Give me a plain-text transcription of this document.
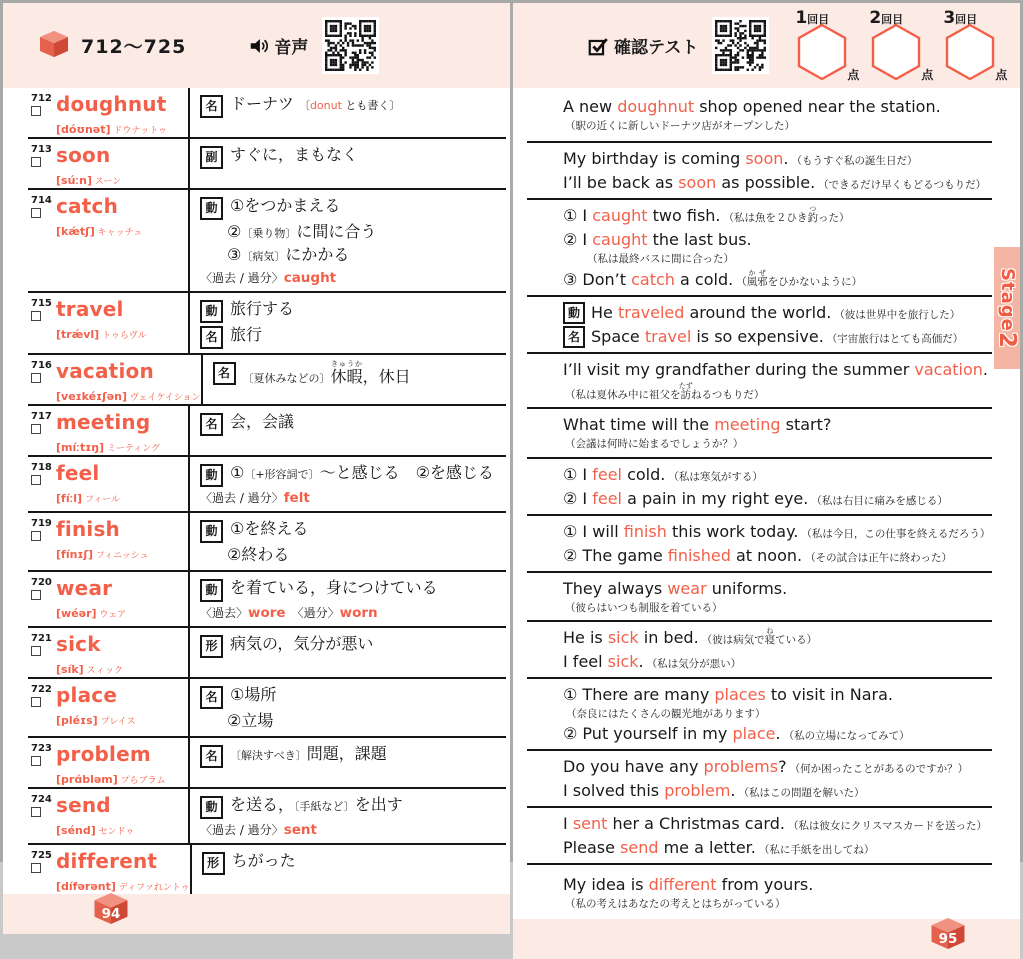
712〜725	音声
712 doughnut
[dóʊnət] ドウナットゥ
名 ドーナツ 〔donut とも書く〕
713 soon
[súːn] スーン
副 すぐに，まもなく
714 catch
[kǽtʃ] キャッチュ
動 ①をつかまえる
②〔乗り物〕に間に合う
③〔病気〕にかかる
〈過去 / 過分〉caught
715 travel
[trǽvl] トゥらヴル
動 旅行する
名 旅行
716 vacation
[veɪkéɪʃən] ヴェイケイション
名	〔夏休みなどの〕休暇きゅうか，休日
717 meeting
[míːtɪŋ] ミーティング
名 会，会議
718 feel
[fíːl] フィール
動 ①〔+形容詞で〕〜と感じる　②を感じる
〈過去 / 過分〉felt
719 finish
[fínɪʃ] フィニッシュ
動 ①を終える
②終わる
720 wear
[wéər] ウェア
動 を着ている，身につけている
〈過去〉wore　〈過分〉worn
721 sick
[sík] スィック
形 病気の，気分が悪い
722 place
[pléɪs] プレイス
名 ①場所
②立場
723 problem
[prɑ́bləm] プらブラム
名	〔解決すべき〕問題，課題
724 send
[sénd] センドゥ
動 を送る，〔手紙など〕を出す
〈過去 / 過分〉sent
725 different
[dífərənt] ディファれントゥ
形 ちがった
94
確認テスト
1回目
点
2回目
点
3回目
点
A new doughnut shop opened near the station.
（駅の近くに新しいドーナツ店がオープンした）
My birthday is coming soon. （もうすぐ私の誕生日だ）
I’ll be back as soon as possible. （できるだけ早くもどるつもりだ）
① I caught two fish. （私は魚を２ひき釣つった）
② I caught the last bus.
（私は最終バスに間に合った）
③ Don’t catch a cold. （風邪かぜをひかないように）
動 He traveled around the world. （彼は世界中を旅行した）
名 Space travel is so expensive. （宇宙旅行はとても高価だ）
I’ll visit my grandfather during the summer vacation.
（私は夏休み中に祖父を訪たずねるつもりだ）
What time will the meeting start?
（会議は何時に始まるでしょうか？）
① I feel cold. （私は寒気がする）
② I feel a pain in my right eye. （私は右目に痛みを感じる）
① I will finish this work today. （私は今日，この仕事を終えるだろう）
② The game finished at noon. （その試合は正午に終わった）
They always wear uniforms.
（彼らはいつも制服を着ている）
He is sick in bed. （彼は病気で寝ねている）
I feel sick. （私は気分が悪い）
① There are many places to visit in Nara.
（奈良にはたくさんの観光地があります）
② Put yourself in my place. （私の立場になってみて）
Do you have any problems? （何か困ったことがあるのですか？）
I solved this problem. （私はこの問題を解いた）
I sent her a Christmas card. （私は彼女にクリスマスカードを送った）
Please send me a letter. （私に手紙を出してね）
My idea is different from yours.
（私の考えはあなたの考えとはちがっている）
Stage2
95
